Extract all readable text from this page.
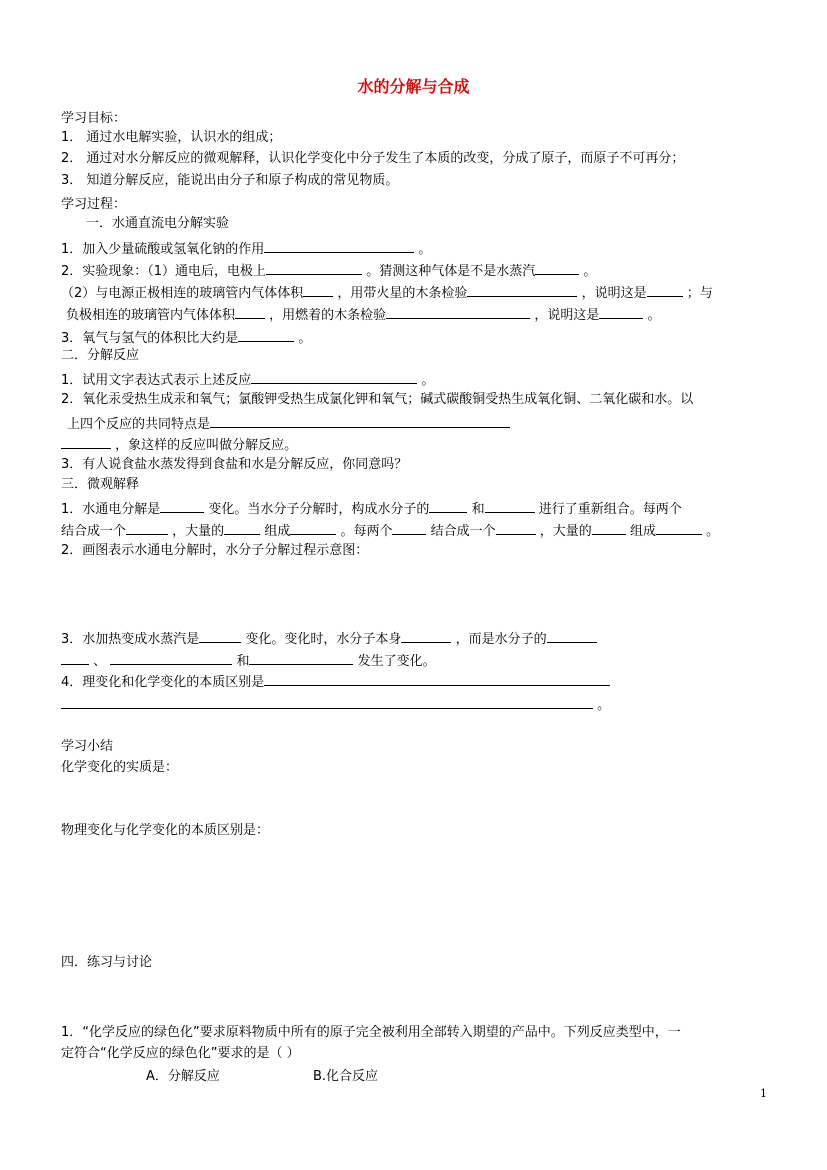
水的分解与合成
学习目标：
1． 通过水电解实验，认识水的组成；
2． 通过对水分解反应的微观解释，认识化学变化中分子发生了本质的改变，分成了原子，而原子不可再分；
3． 知道分解反应，能说出由分子和原子构成的常见物质。
学习过程：
一．水通直流电分解实验
1．加入少量硫酸或氢氧化钠的作用	。
2．实验现象：（1）通电后，电极上	。猜测这种气体是不是水蒸汽	。
（2）与电源正极相连的玻璃管内气体体积	，用带火星的木条检验	，说明这是	；与
负极相连的玻璃管内气体体积	，用燃着的木条检验	，说明这是	。
3．氧气与氢气的体积比大约是	。
二．分解反应
1．试用文字表达式表示上述反应	。
2．氧化汞受热生成汞和氧气；氯酸钾受热生成氯化钾和氧气；碱式碳酸铜受热生成氧化铜、二氧化碳和水。以
上四个反应的共同特点是
，象这样的反应叫做分解反应。
3．有人说食盐水蒸发得到食盐和水是分解反应，你同意吗？
三．微观解释
1．水通电分解是	变化。当水分子分解时，构成水分子的	和	进行了重新组合。每两个
结合成一个	，大量的	组成	。每两个	结合成一个	，大量的	组成	。
2．画图表示水通电分解时，水分子分解过程示意图：
3．水加热变成水蒸汽是	变化。变化时，水分子本身	，而是水分子的
、	和	发生了变化。
4．理变化和化学变化的本质区别是
。
学习小结
化学变化的实质是：
物理变化与化学变化的本质区别是：
四．练习与讨论
1．“化学反应的绿色化”要求原料物质中所有的原子完全被利用全部转入期望的产品中。下列反应类型中，一
定符合“化学反应的绿色化”要求的是（ ）
A．分解反应	B.化合反应
1
